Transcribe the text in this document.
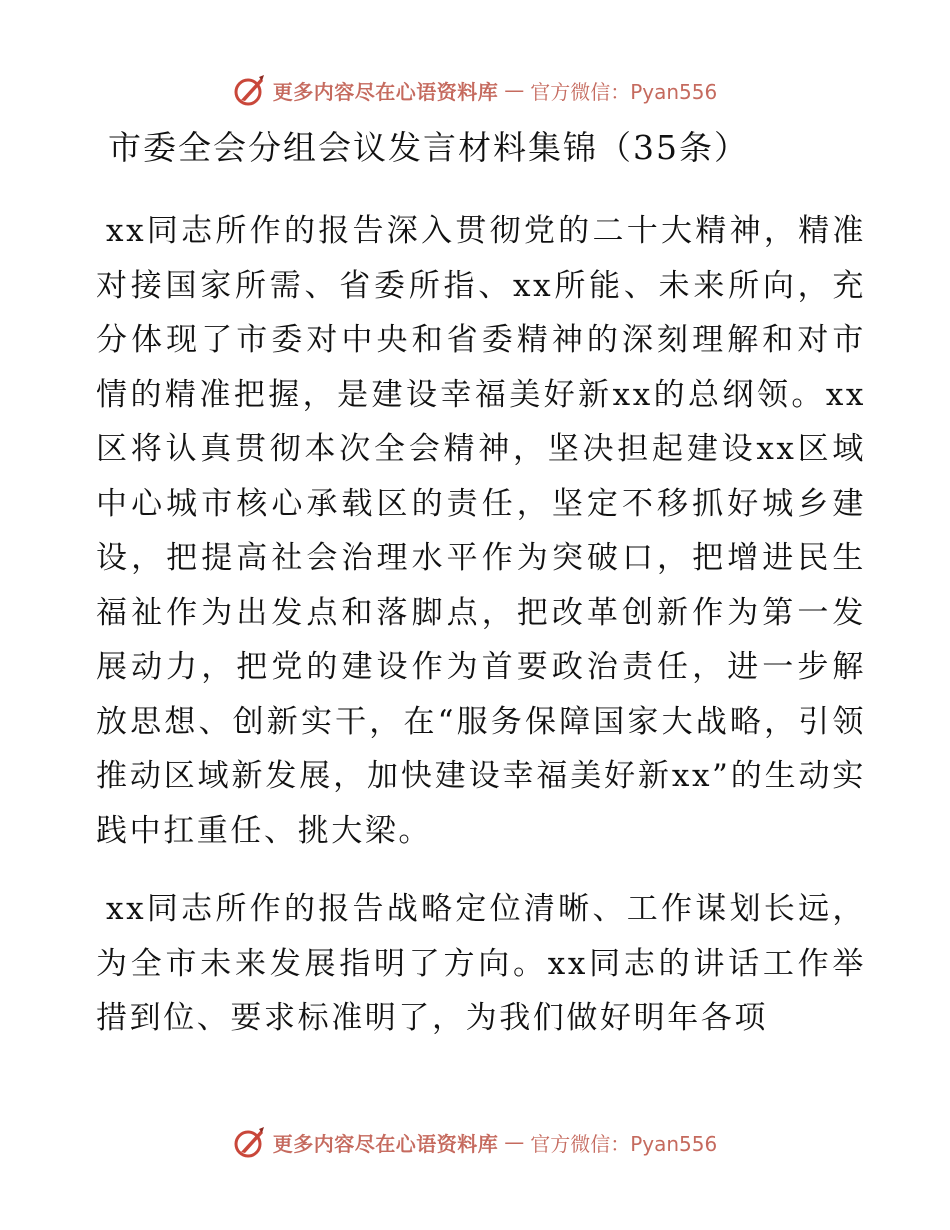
更多内容尽在心语资料库 — 官方微信：Pyan556
市委全会分组会议发言材料集锦（35条）

xx同志所作的报告深入贯彻党的二十大精神，精准对接国家所需、省委所指、xx所能、未来所向，充分体现了市委对中央和省委精神的深刻理解和对市情的精准把握，是建设幸福美好新xx的总纲领。xx区将认真贯彻本次全会精神，坚决担起建设xx区域中心城市核心承载区的责任，坚定不移抓好城乡建设，把提高社会治理水平作为突破口，把增进民生福祉作为出发点和落脚点，把改革创新作为第一发展动力，把党的建设作为首要政治责任，进一步解放思想、创新实干，在“服务保障国家大战略，引领推动区域新发展，加快建设幸福美好新xx”的生动实践中扛重任、挑大梁。

xx同志所作的报告战略定位清晰、工作谋划长远，为全市未来发展指明了方向。xx同志的讲话工作举措到位、要求标准明了，为我们做好明年各项

更多内容尽在心语资料库 — 官方微信：Pyan556
